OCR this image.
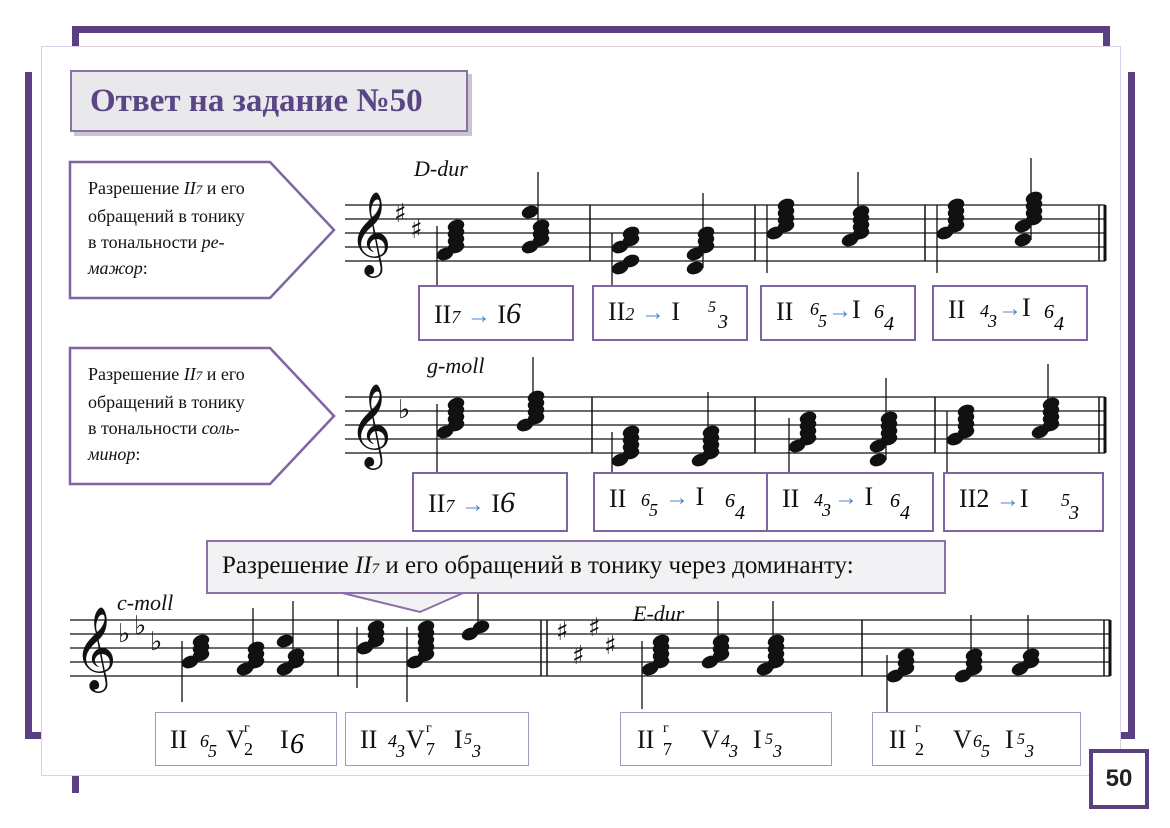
Ответ на задание №50
𝄞 ♯
♯
𝄞 ♭
𝄞 ♭ ♭
♭	♯
♯
♯
♯
Разрешение II7 и его
обращений в тонику
в тональности ре-
мажор:
Разрешение II7 и его
обращений в тонику
в тональности соль-
минор:
D-dur
g-moll
c-moll	E-dur
II7 → I6	II2 → I 5
3 II 6
5 →I 6
4 II 4 3 →I 6
4
II7 → I6	II 6 5 → I 6
4 II 4 3 → I 6
4 II2 →I 5
3
Разрешение II7 и его обращений в тонику через доминанту:
II 6 5 V г
2 I 6 II 4 3 V г
7 I 5
3	II г
7 V 4 3 I 5
3	II г
2 V 6 5 I 5
3
50
